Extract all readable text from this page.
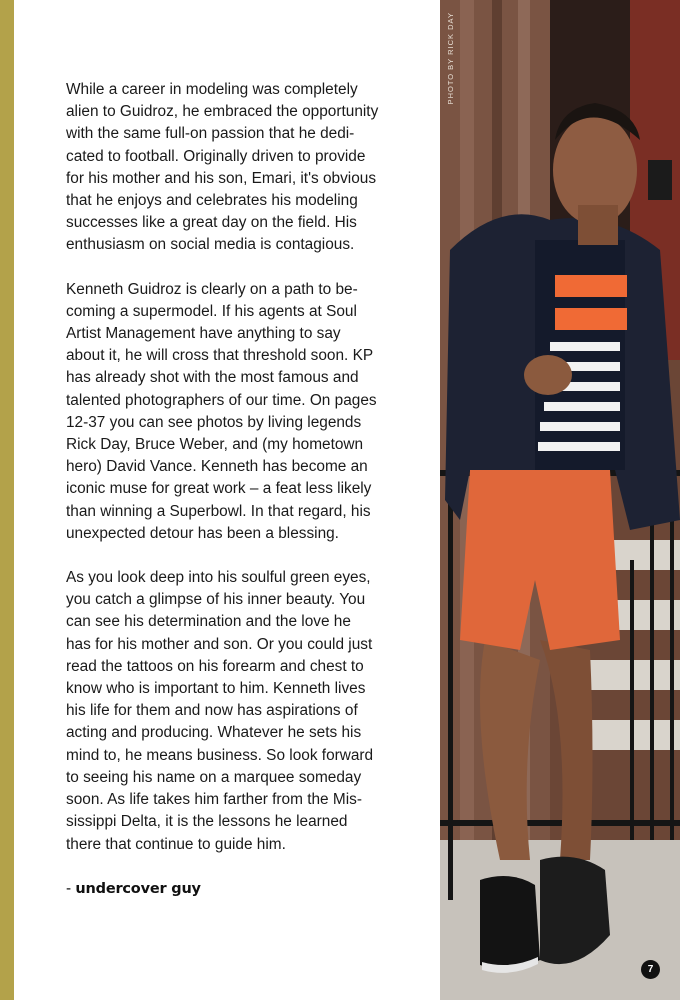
While a career in modeling was completely
alien to Guidroz, he embraced the opportunity
with the same full-on passion that he dedi-
cated to football. Originally driven to provide
for his mother and his son, Emari, it's obvious
that he enjoys and celebrates his modeling
successes like a great day on the field. His
enthusiasm on social media is contagious.

Kenneth Guidroz is clearly on a path to be-
coming a supermodel. If his agents at Soul
Artist Management have anything to say
about it, he will cross that threshold soon. KP
has already shot with the most famous and
talented photographers of our time. On pages
12-37 you can see photos by living legends
Rick Day, Bruce Weber, and (my hometown
hero) David Vance. Kenneth has become an
iconic muse for great work – a feat less likely
than winning a Superbowl. In that regard, his
unexpected detour has been a blessing.

As you look deep into his soulful green eyes,
you catch a glimpse of his inner beauty. You
can see his determination and the love he
has for his mother and son. Or you could just
read the tattoos on his forearm and chest to
know who is important to him. Kenneth lives
his life for them and now has aspirations of
acting and producing. Whatever he sets his
mind to, he means business. So look forward
to seeing his name on a marquee someday
soon. As life takes him farther from the Mis-
sissippi Delta, it is the lessons he learned
there that continue to guide him.

- undercover guy
PHOTO BY RICK DAY
7
